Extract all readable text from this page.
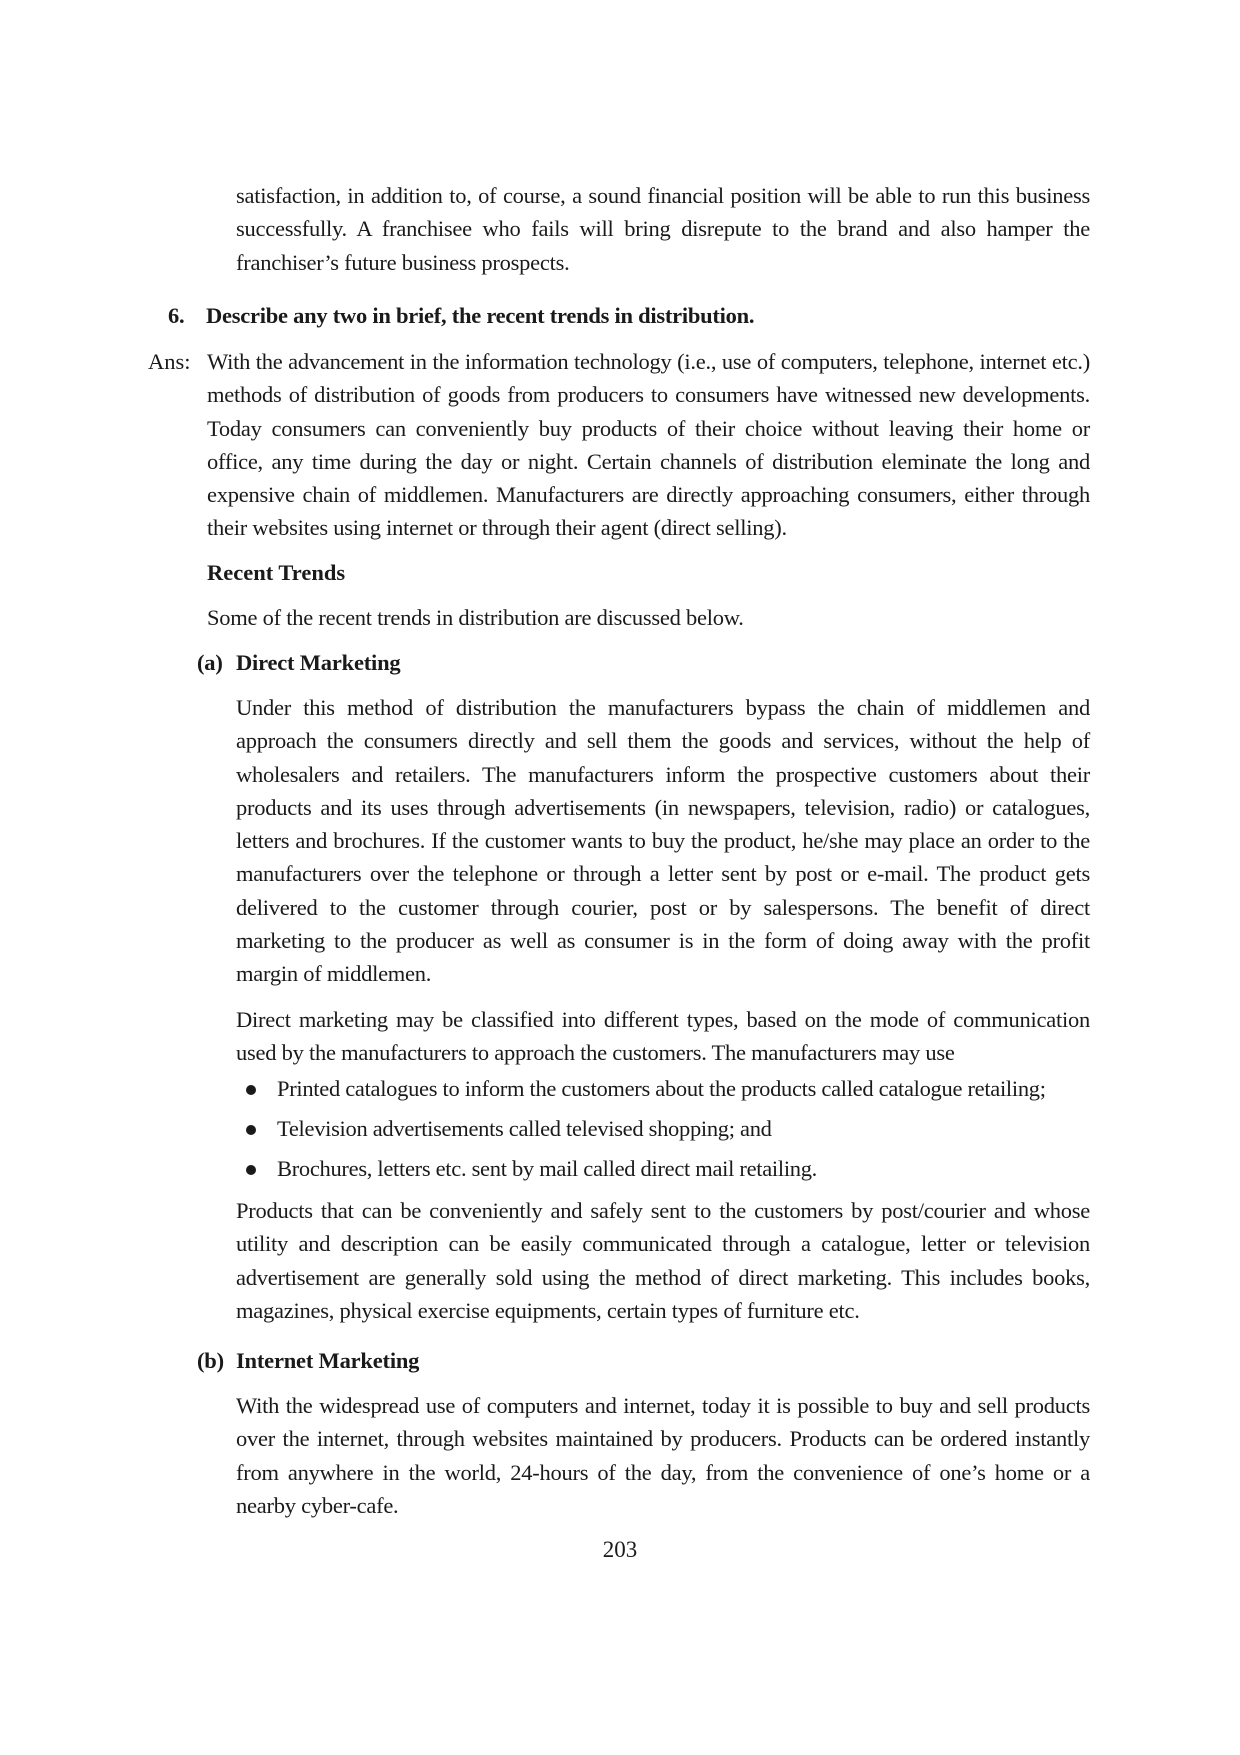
satisfaction, in addition to, of course, a sound financial position will be able to run this business successfully. A franchisee who fails will bring disrepute to the brand and also hamper the franchiser’s future business prospects.

6. Describe any two in brief, the recent trends in distribution.
Ans: With the advancement in the information technology (i.e., use of computers, telephone, internet etc.) methods of distribution of goods from producers to consumers have witnessed new developments. Today consumers can conveniently buy products of their choice without leaving their home or office, any time during the day or night. Certain channels of distribution eleminate the long and expensive chain of middlemen. Manufacturers are directly approaching consumers, either through their websites using internet or through their agent (direct selling).

Recent Trends
Some of the recent trends in distribution are discussed below.
(a) Direct Marketing

Under this method of distribution the manufacturers bypass the chain of middlemen and approach the consumers directly and sell them the goods and services, without the help of wholesalers and retailers. The manufacturers inform the prospective customers about their products and its uses through advertisements (in newspapers, television, radio) or catalogues, letters and brochures. If the customer wants to buy the product, he/she may place an order to the manufacturers over the telephone or through a letter sent by post or e-mail. The product gets delivered to the customer through courier, post or by salespersons. The benefit of direct marketing to the producer as well as consumer is in the form of doing away with the profit margin of middlemen.

Direct marketing may be classified into different types, based on the mode of communication used by the manufacturers to approach the customers. The manufacturers may use

Printed catalogues to inform the customers about the products called catalogue retailing;
Television advertisements called televised shopping; and
Brochures, letters etc. sent by mail called direct mail retailing.

Products that can be conveniently and safely sent to the customers by post/courier and whose utility and description can be easily communicated through a catalogue, letter or television advertisement are generally sold using the method of direct marketing. This includes books, magazines, physical exercise equipments, certain types of furniture etc.

(b) Internet Marketing

With the widespread use of computers and internet, today it is possible to buy and sell products over the internet, through websites maintained by producers. Products can be ordered instantly from anywhere in the world, 24-hours of the day, from the convenience of one’s home or a nearby cyber-cafe.

203
